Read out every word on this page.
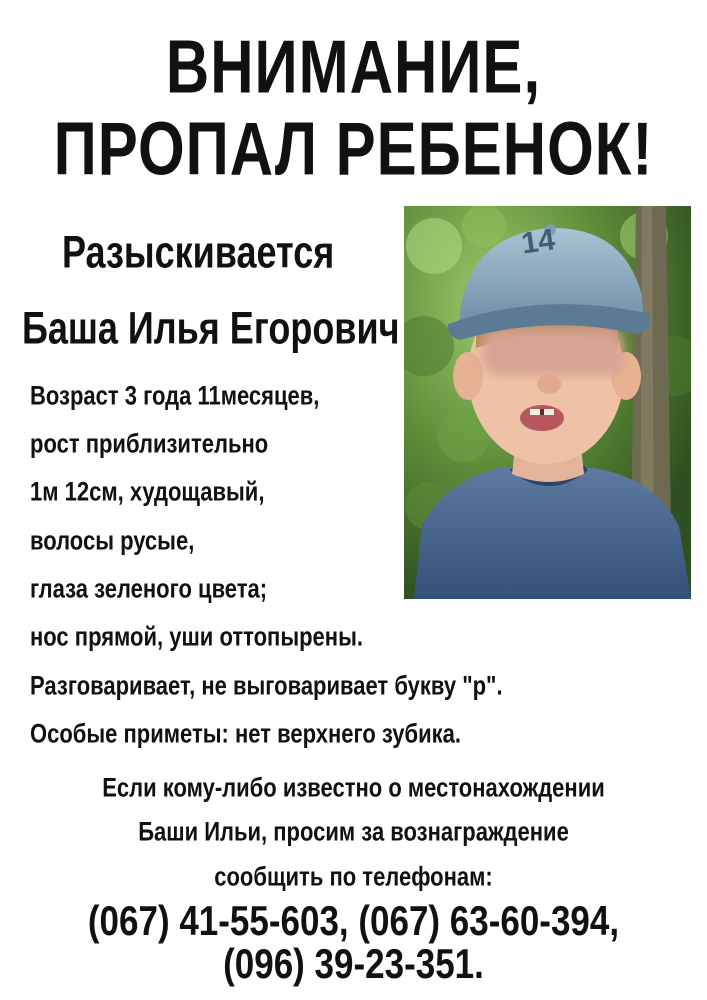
ВНИМАНИЕ,
ПРОПАЛ РЕБЕНОК!
Разыскивается
Баша Илья Егорович
Возраст 3 года 11месяцев,
рост приблизительно
1м 12см, худощавый,
волосы русые,
глаза зеленого цвета;
нос прямой, уши оттопырены.
Разговаривает, не выговаривает букву "р".
Особые приметы: нет верхнего зубика.
Если кому-либо известно о местонахождении
Баши Ильи, просим за вознаграждение
сообщить по телефонам:
(067) 41-55-603, (067) 63-60-394,
(096) 39-23-351.
14
